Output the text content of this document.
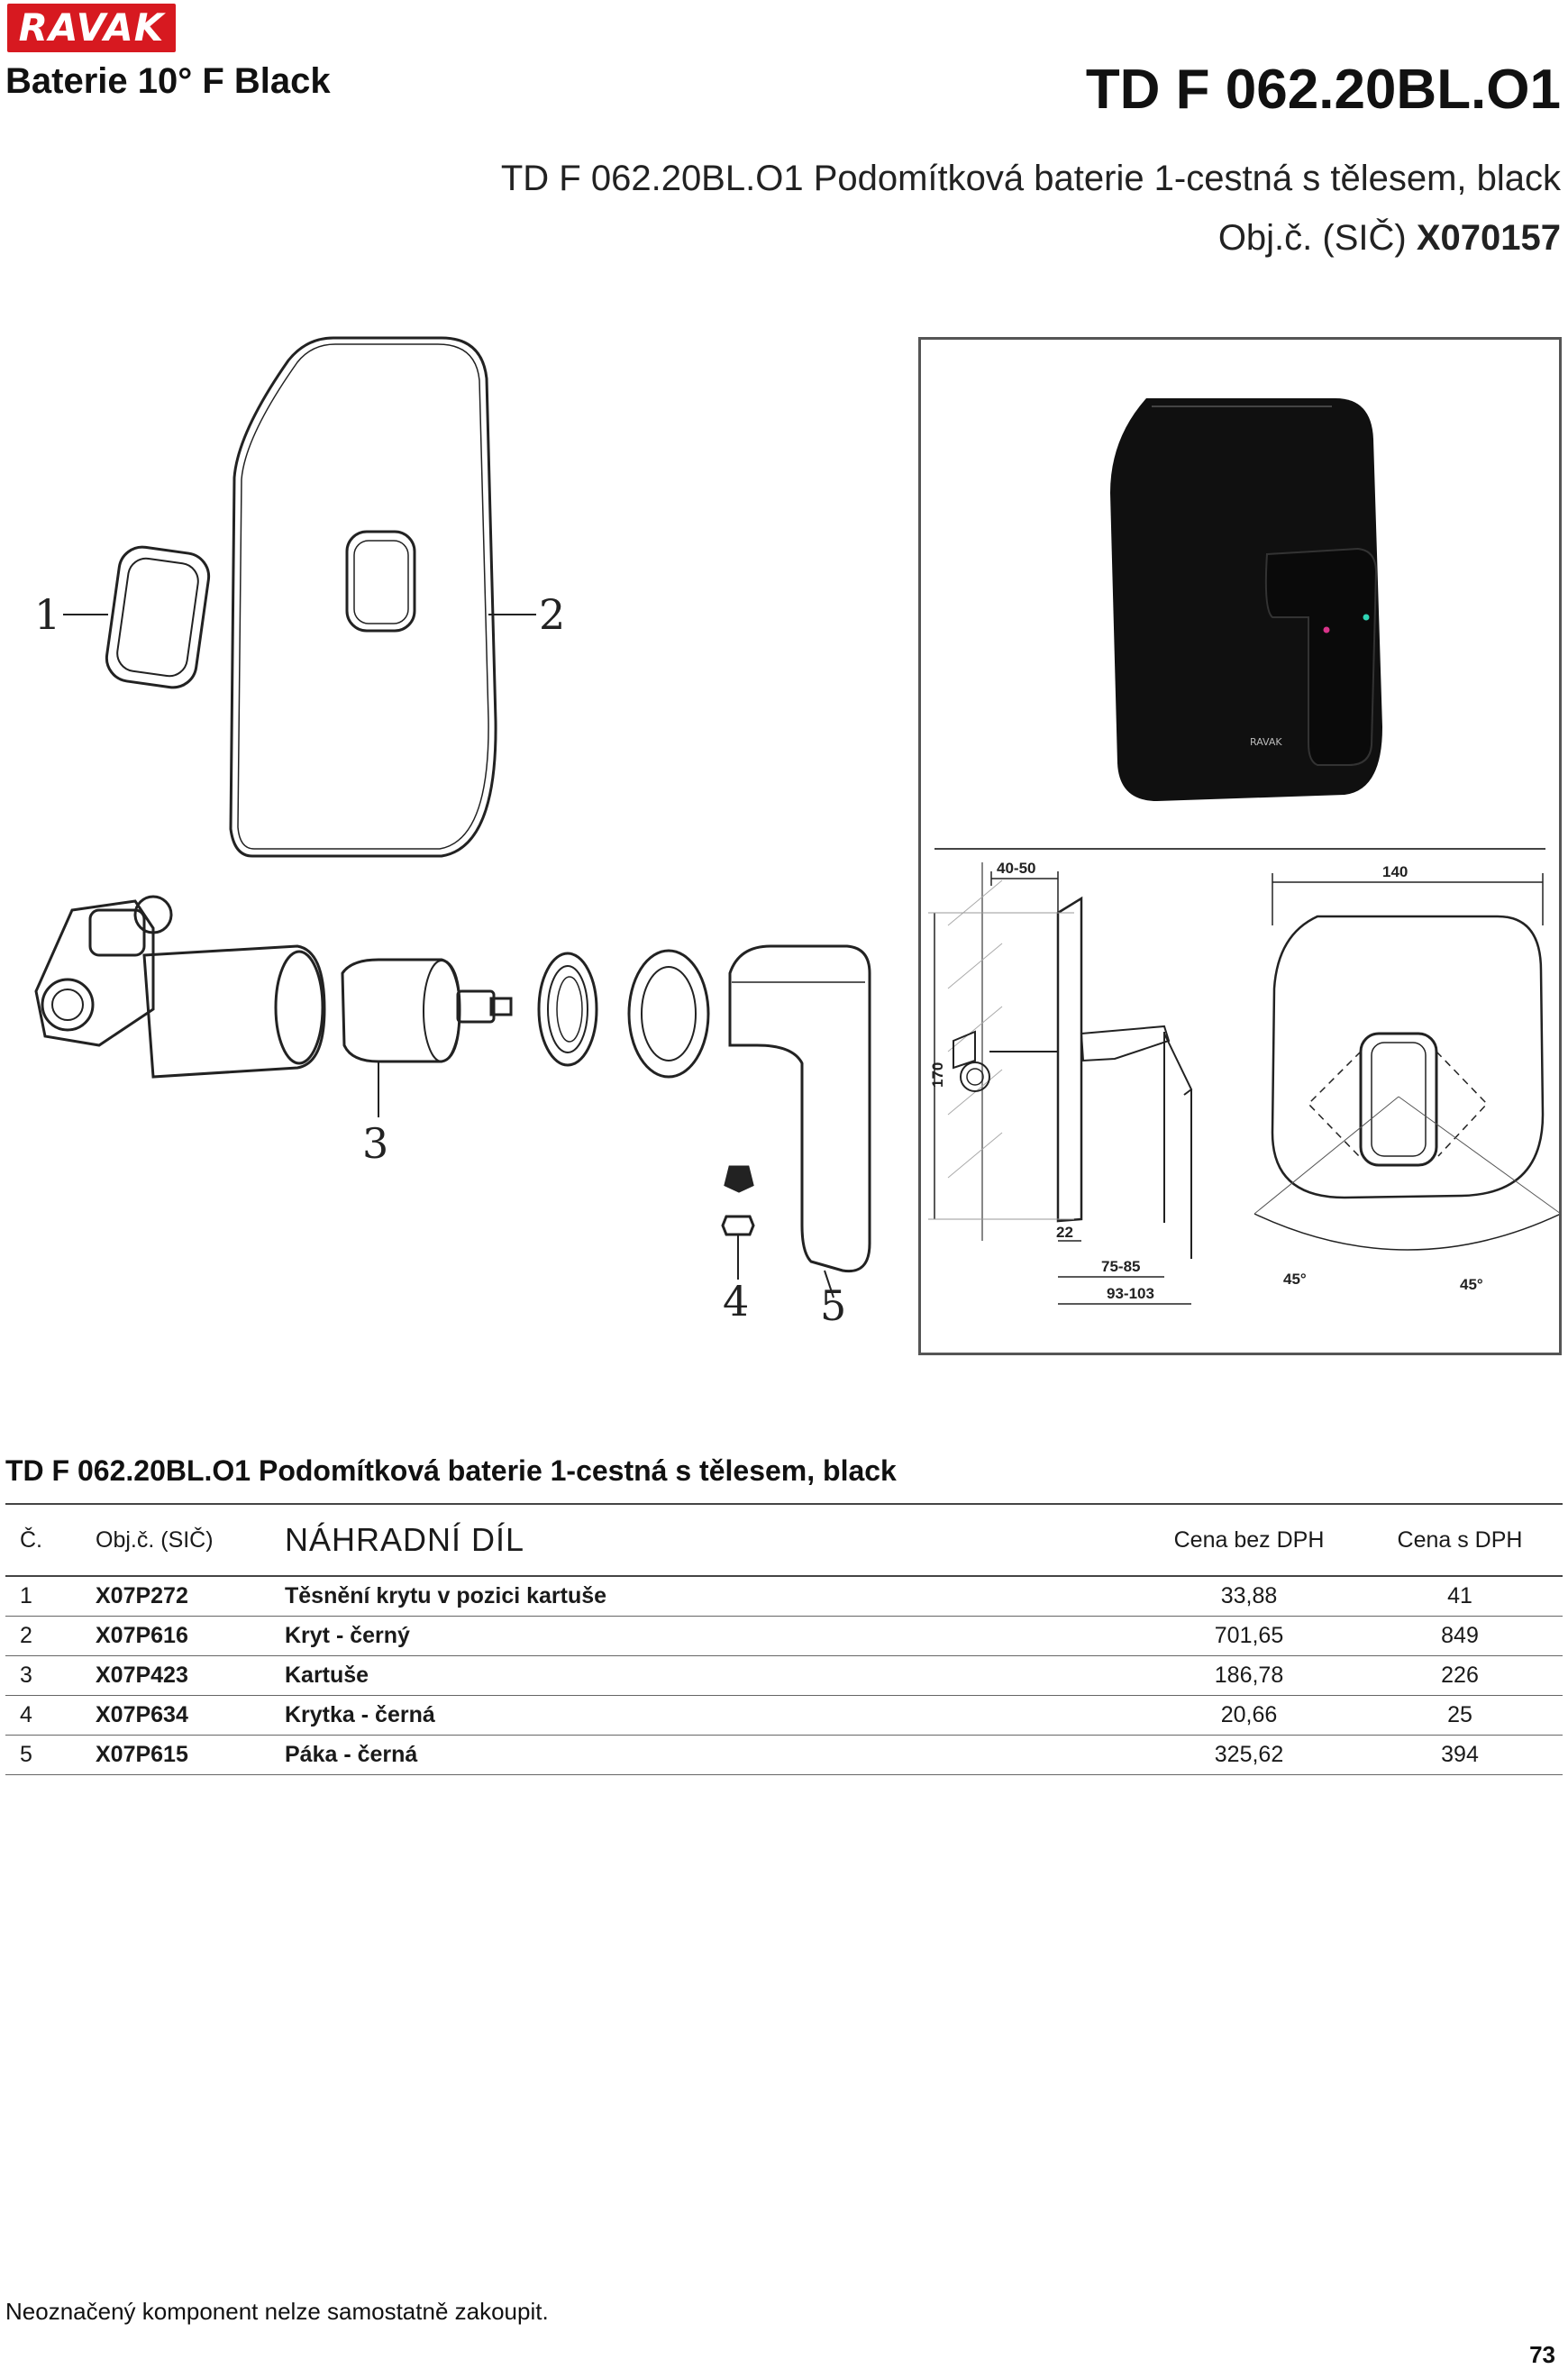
RAVAK
Baterie 10° F Black	TD F 062.20BL.O1
TD F 062.20BL.O1 Podomítková baterie 1-cestná s tělesem, black
Obj.č. (SIČ) X070157
1	2
3
4 5
RAVAK
40-50
170
22
75-85
93-103
140
45°	45°
TD F 062.20BL.O1 Podomítková baterie 1-cestná s tělesem, black
Č.	Obj.č. (SIČ)	NÁHRADNÍ DÍL	Cena bez DPH	Cena s DPH
1	X07P272	Těsnění krytu v pozici kartuše	33,88	41
2	X07P616	Kryt - černý	701,65	849
3	X07P423	Kartuše	186,78	226
4	X07P634	Krytka - černá	20,66	25
5	X07P615	Páka - černá	325,62	394
Neoznačený komponent nelze samostatně zakoupit.
73
